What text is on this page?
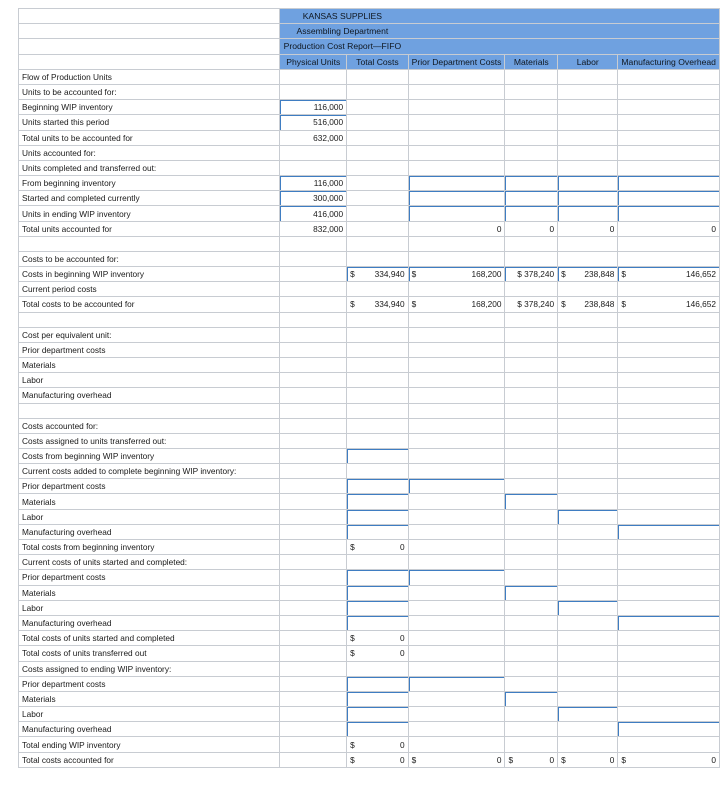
	KANSAS SUPPLIES					
	Assembling Department					
	Production Cost Report—FIFO					
	Physical Units	Total Costs	Prior Department Costs	Materials	Labor	Manufacturing Overhead
Flow of Production Units						
Units to be accounted for:						
Beginning WIP inventory	116,000					
Units started this period	516,000					
Total units to be accounted for	632,000					
Units accounted for:						
Units completed and transferred out:						
From beginning inventory	116,000					
Started and completed currently	300,000					
Units in ending WIP inventory	416,000					
Total units accounted for	832,000		0	0	0	0

Costs to be accounted for:						
Costs in beginning WIP inventory		$ 334,940	$ 168,200	$ 378,240	$ 238,848	$ 146,652

Current period costs						
Total costs to be accounted for		$ 334,940	$ 168,200	$ 378,240	$ 238,848	$ 146,652

Cost per equivalent unit:						
Prior department costs						
Materials						
Labor						
Manufacturing overhead						

Costs accounted for:						
Costs assigned to units transferred out:						
Costs from beginning WIP inventory						
Current costs added to complete beginning WIP inventory:						
Prior department costs						
Materials						
Labor						
Manufacturing overhead						
Total costs from beginning inventory		$ 0				

Current costs of units started and completed:						
Prior department costs						
Materials						
Labor						
Manufacturing overhead						
Total costs of units started and completed		$ 0				

Total costs of units transferred out		$ 0				

Costs assigned to ending WIP inventory:						
Prior department costs						
Materials						
Labor						
Manufacturing overhead						
Total ending WIP inventory		$ 0				

Total costs accounted for		$ 0	$ 0	$ 0	$ 0	$ 0
